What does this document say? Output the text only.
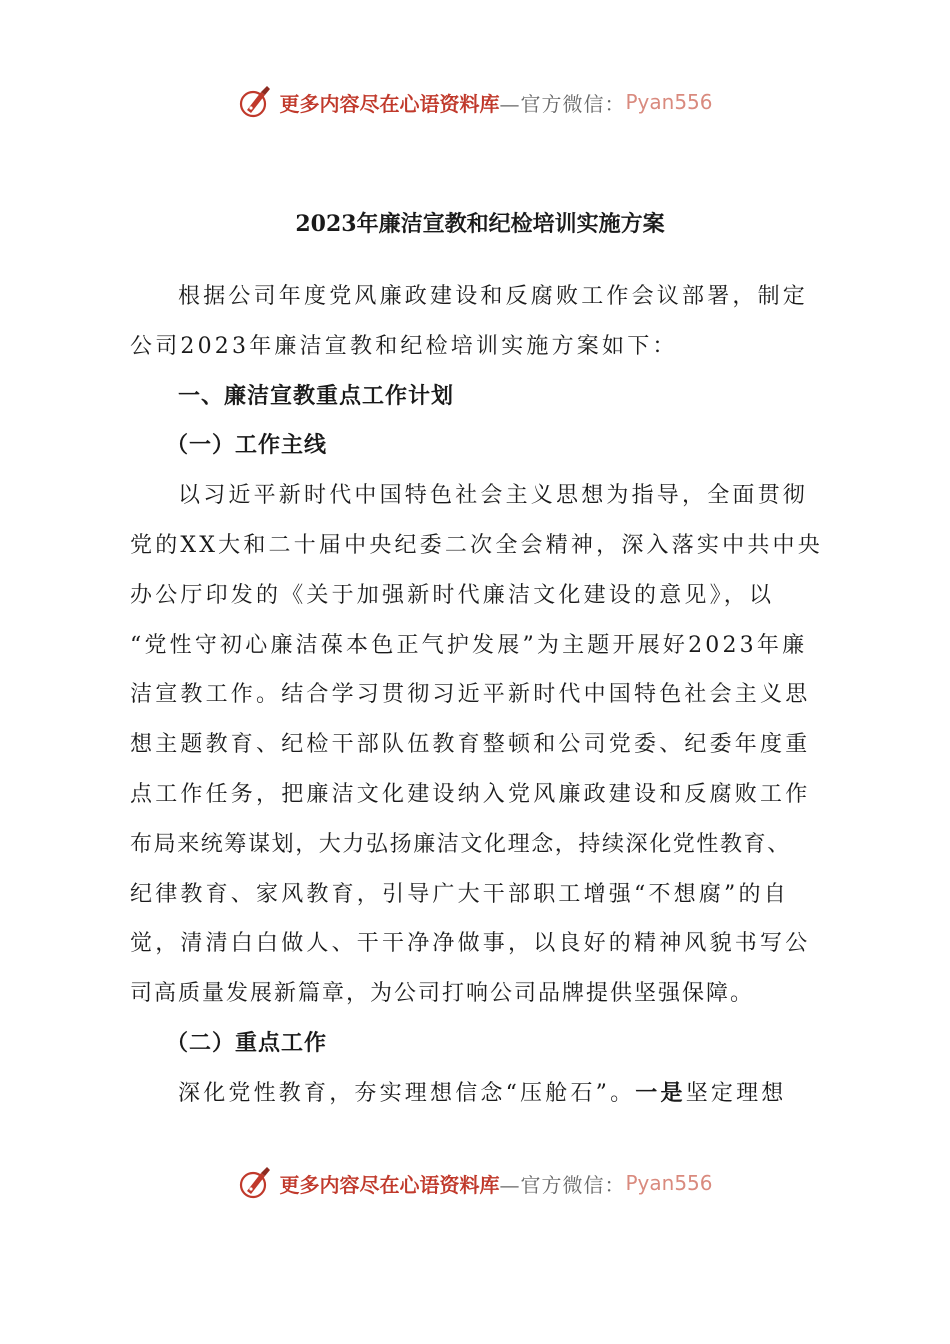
更多内容尽在心语资料库 —官方微信： Pyan556
2023年廉洁宣教和纪检培训实施方案
根据公司年度党风廉政建设和反腐败工作会议部署，制定
公司2023年廉洁宣教和纪检培训实施方案如下：
一、廉洁宣教重点工作计划
（一）工作主线
以习近平新时代中国特色社会主义思想为指导，全面贯彻
党的XX大和二十届中央纪委二次全会精神，深入落实中共中央
办公厅印发的《关于加强新时代廉洁文化建设的意见》，以
“党性守初心廉洁葆本色正气护发展”为主题开展好2023年廉
洁宣教工作。结合学习贯彻习近平新时代中国特色社会主义思
想主题教育、纪检干部队伍教育整顿和公司党委、纪委年度重
点工作任务，把廉洁文化建设纳入党风廉政建设和反腐败工作
布局来统筹谋划，大力弘扬廉洁文化理念，持续深化党性教育、
纪律教育、家风教育，引导广大干部职工增强“不想腐”的自
觉，清清白白做人、干干净净做事，以良好的精神风貌书写公
司高质量发展新篇章，为公司打响公司品牌提供坚强保障。
（二）重点工作
深化党性教育，夯实理想信念“压舱石”。一是坚定理想
更多内容尽在心语资料库 —官方微信： Pyan556
